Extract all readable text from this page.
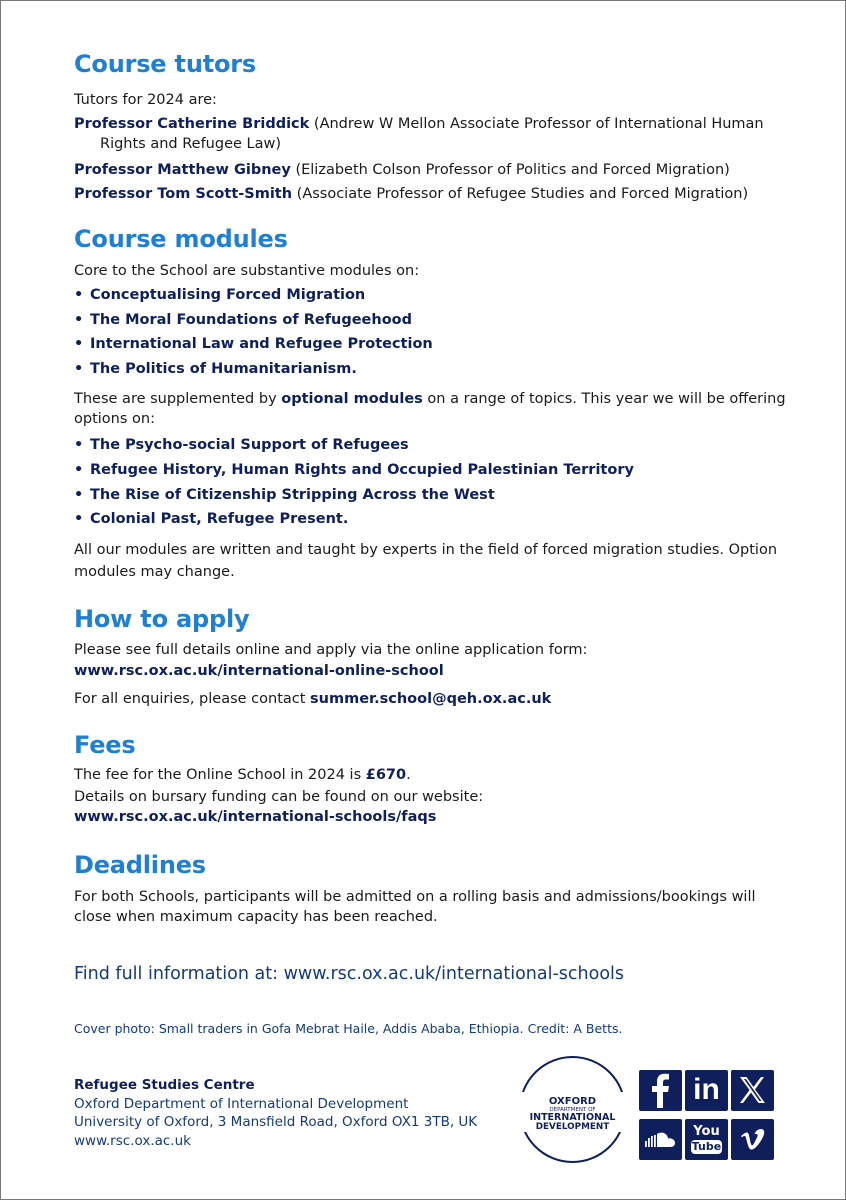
Course tutors

Tutors for 2024 are:

Professor Catherine Briddick (Andrew W Mellon Associate Professor of International Human
Rights and Refugee Law)

Professor Matthew Gibney (Elizabeth Colson Professor of Politics and Forced Migration)

Professor Tom Scott-Smith (Associate Professor of Refugee Studies and Forced Migration)

Course modules

Core to the School are substantive modules on:

• Conceptualising Forced Migration
• The Moral Foundations of Refugeehood
• International Law and Refugee Protection
• The Politics of Humanitarianism.

These are supplemented by optional modules on a range of topics. This year we will be offering

options on:

• The Psycho-social Support of Refugees
• Refugee History, Human Rights and Occupied Palestinian Territory
• The Rise of Citizenship Stripping Across the West
• Colonial Past, Refugee Present.

All our modules are written and taught by experts in the field of forced migration studies. Option

modules may change.

How to apply

Please see full details online and apply via the online application form:

www.rsc.ox.ac.uk/international-online-school

For all enquiries, please contact summer.school@qeh.ox.ac.uk

Fees

The fee for the Online School in 2024 is £670.

Details on bursary funding can be found on our website:

www.rsc.ox.ac.uk/international-schools/faqs

Deadlines

For both Schools, participants will be admitted on a rolling basis and admissions/bookings will

close when maximum capacity has been reached.

Find full information at: www.rsc.ox.ac.uk/international-schools
Cover photo: Small traders in Gofa Mebrat Haile, Addis Ababa, Ethiopia. Credit: A Betts.
Refugee Studies Centre
Oxford Department of International Development
University of Oxford, 3 Mansfield Road, Oxford OX1 3TB, UK
www.rsc.ox.ac.uk
OXFORD
DEPARTMENT OF
INTERNATIONAL
DEVELOPMENT
in
You
Tube
